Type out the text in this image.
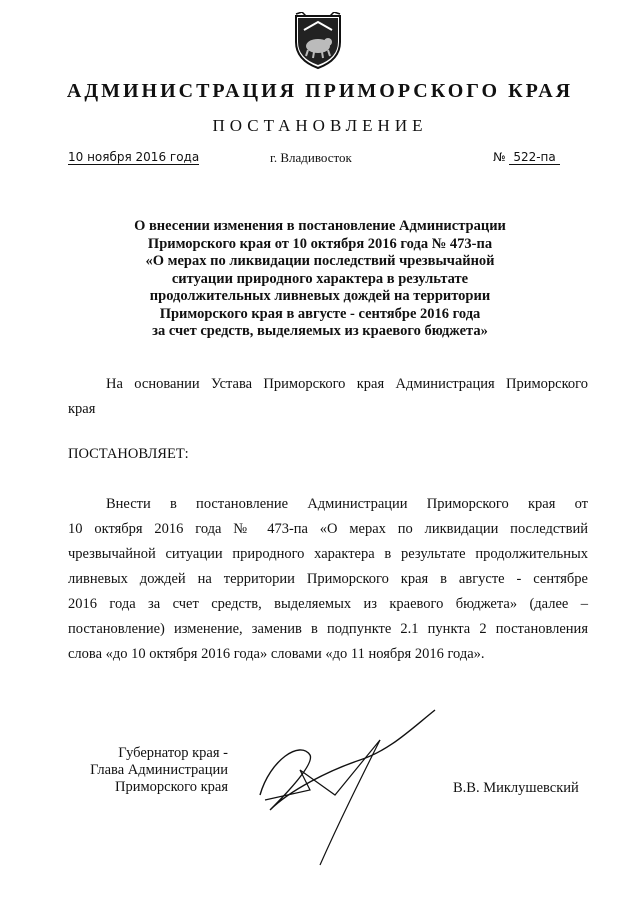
АДМИНИСТРАЦИЯ ПРИМОРСКОГО КРАЯ
ПОСТАНОВЛЕНИЕ
10 ноября 2016 года	г. Владивосток	№ 522-па
О внесении изменения в постановление Администрации
Приморского края от 10 октября 2016 года № 473-па
«О мерах по ликвидации последствий чрезвычайной
ситуации природного характера в результате
продолжительных ливневых дождей на территории
Приморского края в августе - сентябре 2016 года
за счет средств, выделяемых из краевого бюджета»
На основании Устава Приморского края Администрация Приморского
края
ПОСТАНОВЛЯЕТ:
Внести в постановление Администрации Приморского края от
10 октября 2016 года № 473-па «О мерах по ликвидации последствий
чрезвычайной ситуации природного характера в результате продолжительных
ливневых дождей на территории Приморского края в августе - сентябре
2016 года за счет средств, выделяемых из краевого бюджета» (далее –
постановление) изменение, заменив в подпункте 2.1 пункта 2 постановления
слова «до 10 октября 2016 года» словами «до 11 ноября 2016 года».
Губернатор края -
Глава Администрации
Приморского края	В.В. Миклушевский
